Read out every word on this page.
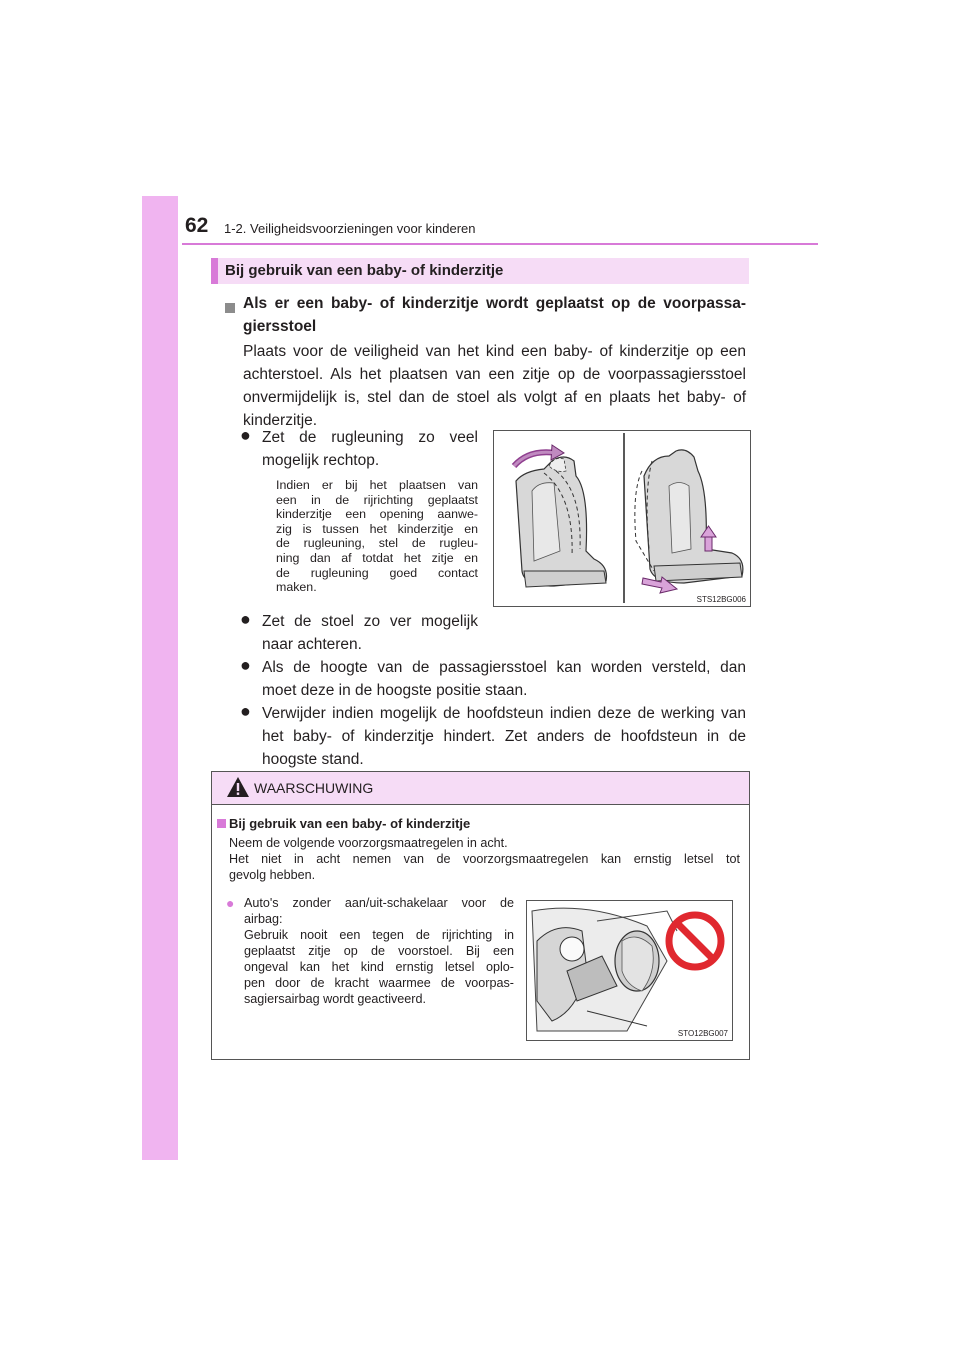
62 1-2. Veiligheidsvoorzieningen voor kinderen
Bij gebruik van een baby- of kinderzitje
Als er een baby- of kinderzitje wordt geplaatst op de voorpassa-
giersstoel
Plaats voor de veiligheid van het kind een baby- of kinderzitje op een
achterstoel. Als het plaatsen van een zitje op de voorpassagiersstoel
onvermijdelijk is, stel dan de stoel als volgt af en plaats het baby- of
kinderzitje.
● Zet de rugleuning zo veel
mogelijk rechtop.
Indien er bij het plaatsen van
een in de rijrichting geplaatst
kinderzitje een opening aanwe-
zig is tussen het kinderzitje en
de rugleuning, stel de rugleu-
ning dan af totdat het zitje en
de rugleuning goed contact
maken.
STS12BG006
● Zet de stoel zo ver mogelijk
naar achteren.
● Als de hoogte van de passagiersstoel kan worden versteld, dan
moet deze in de hoogste positie staan.
● Verwijder indien mogelijk de hoofdsteun indien deze de werking van
het baby- of kinderzitje hindert. Zet anders de hoofdsteun in de
hoogste stand.
WAARSCHUWING
Bij gebruik van een baby- of kinderzitje
Neem de volgende voorzorgsmaatregelen in acht.
Het niet in acht nemen van de voorzorgsmaatregelen kan ernstig letsel tot
gevolg hebben.
● Auto's zonder aan/uit-schakelaar voor de
airbag:
Gebruik nooit een tegen de rijrichting in
geplaatst zitje op de voorstoel. Bij een
ongeval kan het kind ernstig letsel oplo-
pen door de kracht waarmee de voorpas-
sagiersairbag wordt geactiveerd.
STO12BG007
